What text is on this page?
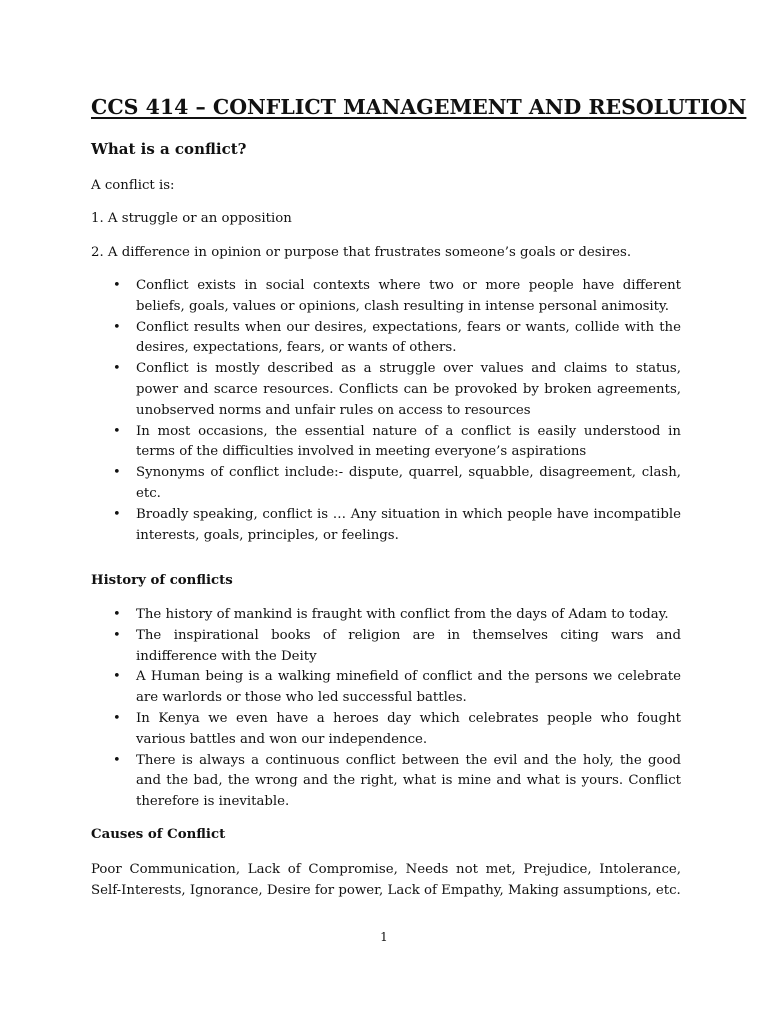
CCS 414 – CONFLICT MANAGEMENT AND RESOLUTION
What is a conflict?

A conflict is:

1. A struggle or an opposition

2. A difference in opinion or purpose that frustrates someone’s goals or desires.

• Conflict exists in social contexts where two or more people have different beliefs, goals, values or opinions, clash resulting in intense personal animosity.
• Conflict results when our desires, expectations, fears or wants, collide with the desires, expectations, fears, or wants of others.
• Conflict is mostly described as a struggle over values and claims to status, power and scarce resources. Conflicts can be provoked by broken agreements, unobserved norms and unfair rules on access to resources
• In most occasions, the essential nature of a conflict is easily understood in terms of the difficulties involved in meeting everyone’s aspirations
• Synonyms of conflict include:- dispute, quarrel, squabble, disagreement, clash, etc.
• Broadly speaking, conflict is … Any situation in which people have incompatible interests, goals, principles, or feelings.
History of conflicts
• The history of mankind is fraught with conflict from the days of Adam to today.
• The inspirational books of religion are in themselves citing wars and indifference with the Deity
• A Human being is a walking minefield of conflict and the persons we celebrate are warlords or those who led successful battles.
• In Kenya we even have a heroes day which celebrates people who fought various battles and won our independence.
• There is always a continuous conflict between the evil and the holy, the good and the bad, the wrong and the right, what is mine and what is yours. Conflict therefore is inevitable.
Causes of Conflict

Poor Communication, Lack of Compromise, Needs not met, Prejudice, Intolerance, Self-Interests, Ignorance, Desire for power, Lack of Empathy, Making assumptions, etc.

1
